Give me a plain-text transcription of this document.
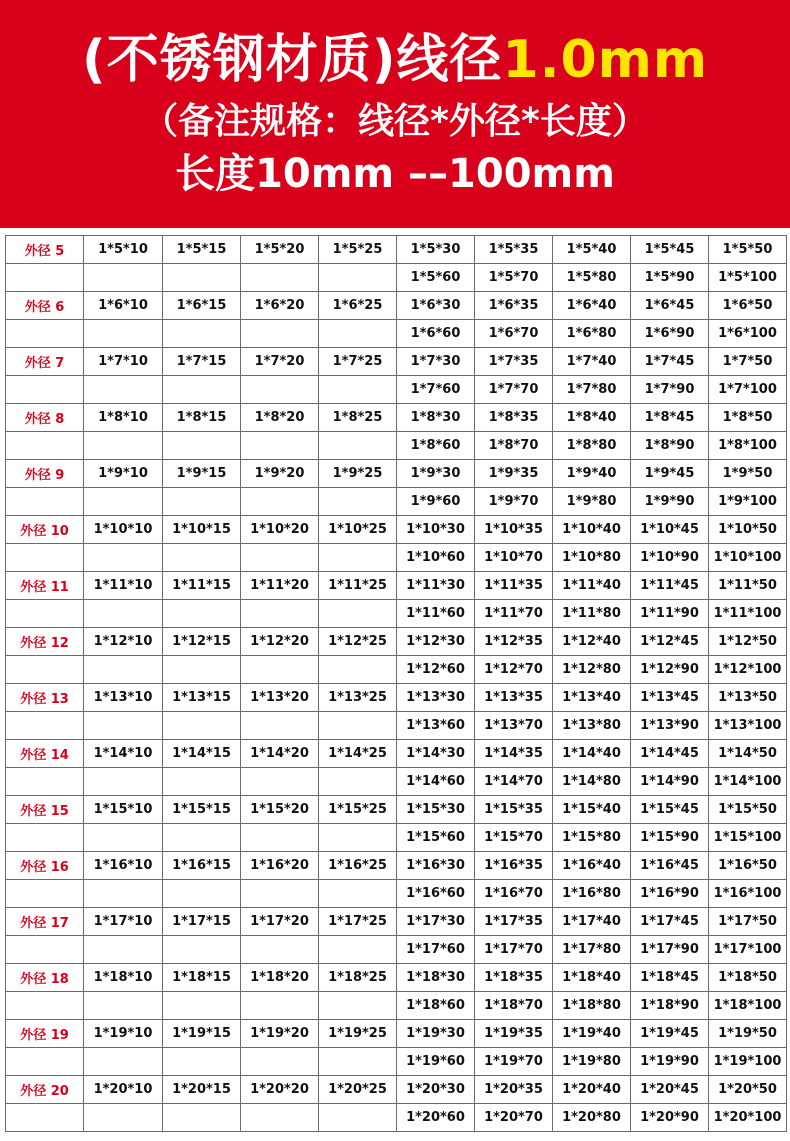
(不锈钢材质)线径1.0mm
（备注规格：线径*外径*长度）
长度10mm ––100mm
外径 5	1*5*10	1*5*15	1*5*20	1*5*25	1*5*30	1*5*35	1*5*40	1*5*45	1*5*50
					1*5*60	1*5*70	1*5*80	1*5*90	1*5*100
外径 6	1*6*10	1*6*15	1*6*20	1*6*25	1*6*30	1*6*35	1*6*40	1*6*45	1*6*50
					1*6*60	1*6*70	1*6*80	1*6*90	1*6*100
外径 7	1*7*10	1*7*15	1*7*20	1*7*25	1*7*30	1*7*35	1*7*40	1*7*45	1*7*50
					1*7*60	1*7*70	1*7*80	1*7*90	1*7*100
外径 8	1*8*10	1*8*15	1*8*20	1*8*25	1*8*30	1*8*35	1*8*40	1*8*45	1*8*50
					1*8*60	1*8*70	1*8*80	1*8*90	1*8*100
外径 9	1*9*10	1*9*15	1*9*20	1*9*25	1*9*30	1*9*35	1*9*40	1*9*45	1*9*50
					1*9*60	1*9*70	1*9*80	1*9*90	1*9*100
外径 10	1*10*10	1*10*15	1*10*20	1*10*25	1*10*30	1*10*35	1*10*40	1*10*45	1*10*50
					1*10*60	1*10*70	1*10*80	1*10*90	1*10*100
外径 11	1*11*10	1*11*15	1*11*20	1*11*25	1*11*30	1*11*35	1*11*40	1*11*45	1*11*50
					1*11*60	1*11*70	1*11*80	1*11*90	1*11*100
外径 12	1*12*10	1*12*15	1*12*20	1*12*25	1*12*30	1*12*35	1*12*40	1*12*45	1*12*50
					1*12*60	1*12*70	1*12*80	1*12*90	1*12*100
外径 13	1*13*10	1*13*15	1*13*20	1*13*25	1*13*30	1*13*35	1*13*40	1*13*45	1*13*50
					1*13*60	1*13*70	1*13*80	1*13*90	1*13*100
外径 14	1*14*10	1*14*15	1*14*20	1*14*25	1*14*30	1*14*35	1*14*40	1*14*45	1*14*50
					1*14*60	1*14*70	1*14*80	1*14*90	1*14*100
外径 15	1*15*10	1*15*15	1*15*20	1*15*25	1*15*30	1*15*35	1*15*40	1*15*45	1*15*50
					1*15*60	1*15*70	1*15*80	1*15*90	1*15*100
外径 16	1*16*10	1*16*15	1*16*20	1*16*25	1*16*30	1*16*35	1*16*40	1*16*45	1*16*50
					1*16*60	1*16*70	1*16*80	1*16*90	1*16*100
外径 17	1*17*10	1*17*15	1*17*20	1*17*25	1*17*30	1*17*35	1*17*40	1*17*45	1*17*50
					1*17*60	1*17*70	1*17*80	1*17*90	1*17*100
外径 18	1*18*10	1*18*15	1*18*20	1*18*25	1*18*30	1*18*35	1*18*40	1*18*45	1*18*50
					1*18*60	1*18*70	1*18*80	1*18*90	1*18*100
外径 19	1*19*10	1*19*15	1*19*20	1*19*25	1*19*30	1*19*35	1*19*40	1*19*45	1*19*50
					1*19*60	1*19*70	1*19*80	1*19*90	1*19*100
外径 20	1*20*10	1*20*15	1*20*20	1*20*25	1*20*30	1*20*35	1*20*40	1*20*45	1*20*50
					1*20*60	1*20*70	1*20*80	1*20*90	1*20*100
